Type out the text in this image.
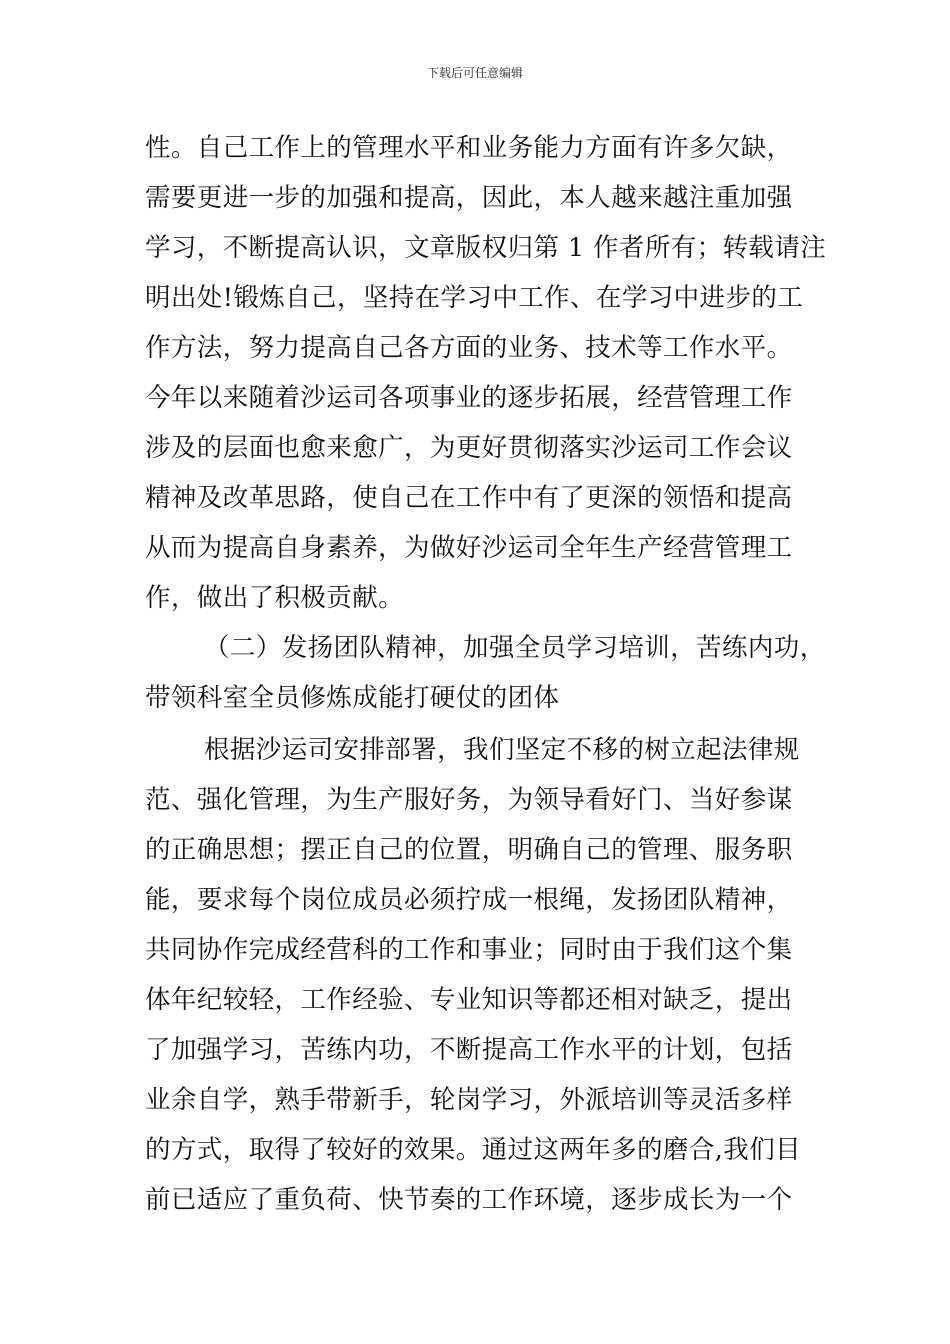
下载后可任意编辑
性。自己工作上的管理水平和业务能力方面有许多欠缺，
需要更进一步的加强和提高，因此，本人越来越注重加强
学习，不断提高认识，文章版权归第 1 作者所有；转载请注
明出处!锻炼自己，坚持在学习中工作、在学习中进步的工
作方法，努力提高自己各方面的业务、技术等工作水平。
今年以来随着沙运司各项事业的逐步拓展，经营管理工作
涉及的层面也愈来愈广，为更好贯彻落实沙运司工作会议
精神及改革思路，使自己在工作中有了更深的领悟和提高
从而为提高自身素养，为做好沙运司全年生产经营管理工
作，做出了积极贡献。
（二）发扬团队精神，加强全员学习培训，苦练内功，
带领科室全员修炼成能打硬仗的团体
根据沙运司安排部署，我们坚定不移的树立起法律规
范、强化管理，为生产服好务，为领导看好门、当好参谋
的正确思想；摆正自己的位置，明确自己的管理、服务职
能，要求每个岗位成员必须拧成一根绳，发扬团队精神，
共同协作完成经营科的工作和事业；同时由于我们这个集
体年纪较轻，工作经验、专业知识等都还相对缺乏，提出
了加强学习，苦练内功，不断提高工作水平的计划，包括
业余自学，熟手带新手，轮岗学习，外派培训等灵活多样
的方式，取得了较好的效果。通过这两年多的磨合,我们目
前已适应了重负荷、快节奏的工作环境，逐步成长为一个
